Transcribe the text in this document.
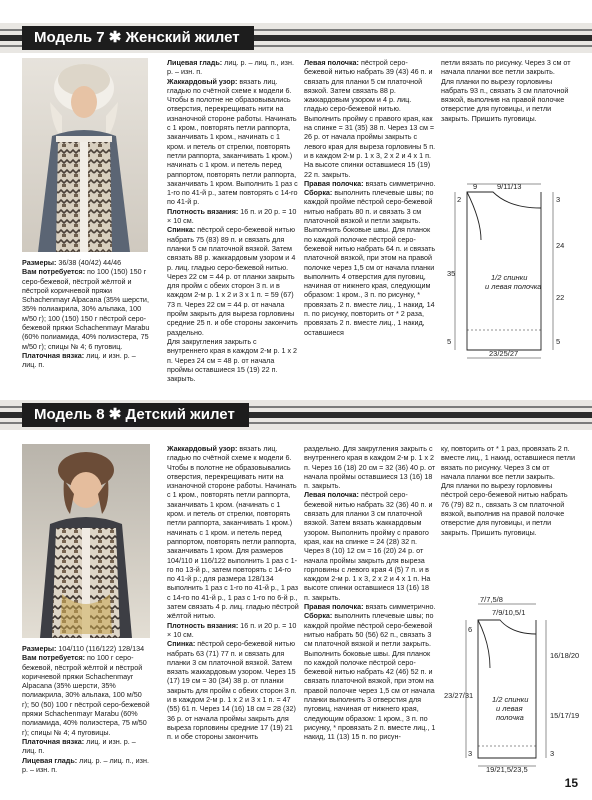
Модель 7 ✱ Женский жилет

Размеры: 36/38 (40/42) 44/46

Вам потребуется: по 100 (150) 150 г серо-бежевой, пёстрой жёлтой и пёстрой коричневой пряжи Schachenmayr Alpacana (35% шерсти, 35% полиакрила, 30% альпака, 100 м/50 г); 100 (150) 150 г пёстрой серо-бежевой пряжи Schachenmayr Marabu (60% полиамида, 40% полиэстера, 75 м/50 г); спицы № 4; 6 пуговиц.

Платочная вязка: лиц. и изн. р. – лиц. п.

Лицевая гладь: лиц. р. – лиц. п., изн. р. – изн. п.

Жаккардовый узор: вязать лиц. гладью по счётной схеме к модели 6. Чтобы в полотне не образовывались отверстия, перекрещивать нити на изнаночной стороне работы. Начинать с 1 кром., повторять петли раппорта, заканчивать 1 кром., начинать с 1 кром. и петель от стрелки, повторять петли раппорта, заканчивать 1 кром.) начинать с 1 кром. и петель перед раппортом, повторять петли раппорта, заканчивать 1 кром. Выполнить 1 раз с 1-го по 41-й р., затем повторять с 14-го по 41-й р.

Плотность вязания: 16 п. и 20 р. = 10 × 10 см.

Спинка: пёстрой серо-бежевой нитью набрать 75 (83) 89 п. и связать для планки 5 см платочной вязкой. Затем связать 88 р. жаккардовым узором и 4 р. лиц. гладью серо-бежевой нитью. Через 22 см = 44 р. от планки закрыть для пройм с обеих сторон 3 п. и в каждом 2-м р. 1 х 2 и 3 х 1 п. = 59 (67) 73 п. Через 22 см = 44 р. от начала пройм закрыть для выреза горловины средние 25 п. и обе стороны закончить раздельно.

Для закругления закрыть с внутреннего края в каждом 2-м р. 1 х 2 п. Через 24 см = 48 р. от начала проймы оставшиеся 15 (19) 22 п. закрыть.

Левая полочка: пёстрой серо-бежевой нитью набрать 39 (43) 46 п. и связать для планки 5 см платочной вязкой. Затем связать 88 р. жаккардовым узором и 4 р. лиц. гладью серо-бежевой нитью. Выполнить пройму с правого края, как на спинке = 31 (35) 38 п. Через 13 см = 26 р. от начала проймы закрыть с левого края для выреза горловины 5 п. и в каждом 2-м р. 1 х 3, 2 х 2 и 4 х 1 п. На высоте спинки оставшиеся 15 (19) 22 п. закрыть.

Правая полочка: вязать симметрично.

Сборка: выполнить плечевые швы; по каждой пройме пёстрой серо-бежевой нитью набрать 80 п. и связать 3 см платочной вязкой и петли закрыть. Выполнить боковые швы. Для планок по каждой полочке пёстрой серо-бежевой нитью набрать 64 п. и связать платочной вязкой, при этом на правой полочке через 1,5 см от начала планки выполнить 4 отверстия для пуговиц, начиная от нижнего края, следующим образом: 1 кром., 3 п. по рисунку, * провязать 2 п. вместе лиц., 1 накид, 14 п. по рисунку, повторить от * 2 раза, провязать 2 п. вместе лиц., 1 накид, оставшиеся

петли вязать по рисунку. Через 3 см от начала планки все петли закрыть.

Для планки по вырезу горловины набрать 93 п., связать 3 см платочной вязкой, выполнив на правой полочке отверстие для пуговицы, и петли закрыть. Пришить пуговицы.

9	9/11/13
2	3
24
22
5
35
5
23/25/27
1/2 спинки
и левая полочка
Модель 8 ✱ Детский жилет

Размеры: 104/110 (116/122) 128/134

Вам потребуется: по 100 г серо-бежевой, пёстрой жёлтой и пёстрой коричневой пряжи Schachenmayr Alpacana (35% шерсти, 35% полиакрила, 30% альпака, 100 м/50 г); 50 (50) 100 г пёстрой серо-бежевой пряжи Schachenmayr Marabu (60% полиамида, 40% полиэстера, 75 м/50 г); спицы № 4; 4 пуговицы.

Платочная вязка: лиц. и изн. р. – лиц. п.

Лицевая гладь: лиц. р. – лиц. п., изн. р. – изн. п.

Жаккардовый узор: вязать лиц. гладью по счётной схеме к модели 6. Чтобы в полотне не образовывались отверстия, перекрещивать нити на изнаночной стороне работы. Начинать с 1 кром., повторять петли раппорта, заканчивать 1 кром. (начинать с 1 кром. и петель от стрелки, повторять петли раппорта, заканчивать 1 кром.) начинать с 1 кром. и петель перед раппортом, повторять петли раппорта, заканчивать 1 кром. Для размеров 104/110 и 116/122 выполнить 1 раз с 1-го по 13-й р., затем повторять с 14-го по 41-й р.; для размера 128/134 выполнить 1 раз с 1-го по 41-й р., 1 раз с 14-го по 41-й р., 1 раз с 1-го по 6-й р., затем связать 4 р. лиц. гладью пёстрой жёлтой нитью.

Плотность вязания: 16 п. и 20 р. = 10 × 10 см.

Спинка: пёстрой серо-бежевой нитью набрать 63 (71) 77 п. и связать для планки 3 см платочной вязкой. Затем вязать жаккардовым узором. Через 15 (17) 19 см = 30 (34) 38 р. от планки закрыть для пройм с обеих сторон 3 п. и в каждом 2-м р. 1 х 2 и 3 х 1 п. = 47 (55) 61 п. Через 14 (16) 18 см = 28 (32) 36 р. от начала проймы закрыть для выреза горловины средние 17 (19) 21 п. и обе стороны закончить

раздельно. Для закругления закрыть с внутреннего края в каждом 2-м р. 1 х 2 п. Через 16 (18) 20 см = 32 (36) 40 р. от начала проймы оставшиеся 13 (16) 18 п. закрыть.

Левая полочка: пёстрой серо-бежевой нитью набрать 32 (36) 40 п. и связать для планки 3 см платочной вязкой. Затем вязать жаккардовым узором. Выполнить пройму с правого края, как на спинке = 24 (28) 32 п. Через 8 (10) 12 см = 16 (20) 24 р. от начала проймы закрыть для выреза горловины с левого края 4 (5) 7 п. и в каждом 2-м р. 1 х 3, 2 х 2 и 4 х 1 п. На высоте спинки оставшиеся 13 (16) 18 п. закрыть.

Правая полочка: вязать симметрично.

Сборка: выполнить плечевые швы; по каждой пройме пёстрой серо-бежевой нитью набрать 50 (56) 62 п., связать 3 см платочной вязкой и петли закрыть. Выполнить боковые швы. Для планок по каждой полочке пёстрой серо-бежевой нитью набрать 42 (46) 52 п. и связать платочной вязкой, при этом на правой полочке через 1,5 см от начала планки выполнить 3 отверстия для пуговиц, начиная от нижнего края, следующим образом: 1 кром., 3 п. по рисунку, * провязать 2 п. вместе лиц., 1 накид, 11 (13) 15 п. по рисун-

ку, повторить от * 1 раз, провязать 2 п. вместе лиц., 1 накид, оставшиеся петли вязать по рисунку. Через 3 см от начала планки все петли закрыть.

Для планки по вырезу горловины пёстрой серо-бежевой нитью набрать 76 (79) 82 п., связать 3 см платочной вязкой, выполнив на правой полочке отверстие для пуговицы, и петли закрыть. Пришить пуговицы.

7/7,5/8
7/9/10,5/1
6
16/18/20
15/17/19
3
23/27/31
3
19/21,5/23,5
1/2 спинки
и левая
полочка
15
